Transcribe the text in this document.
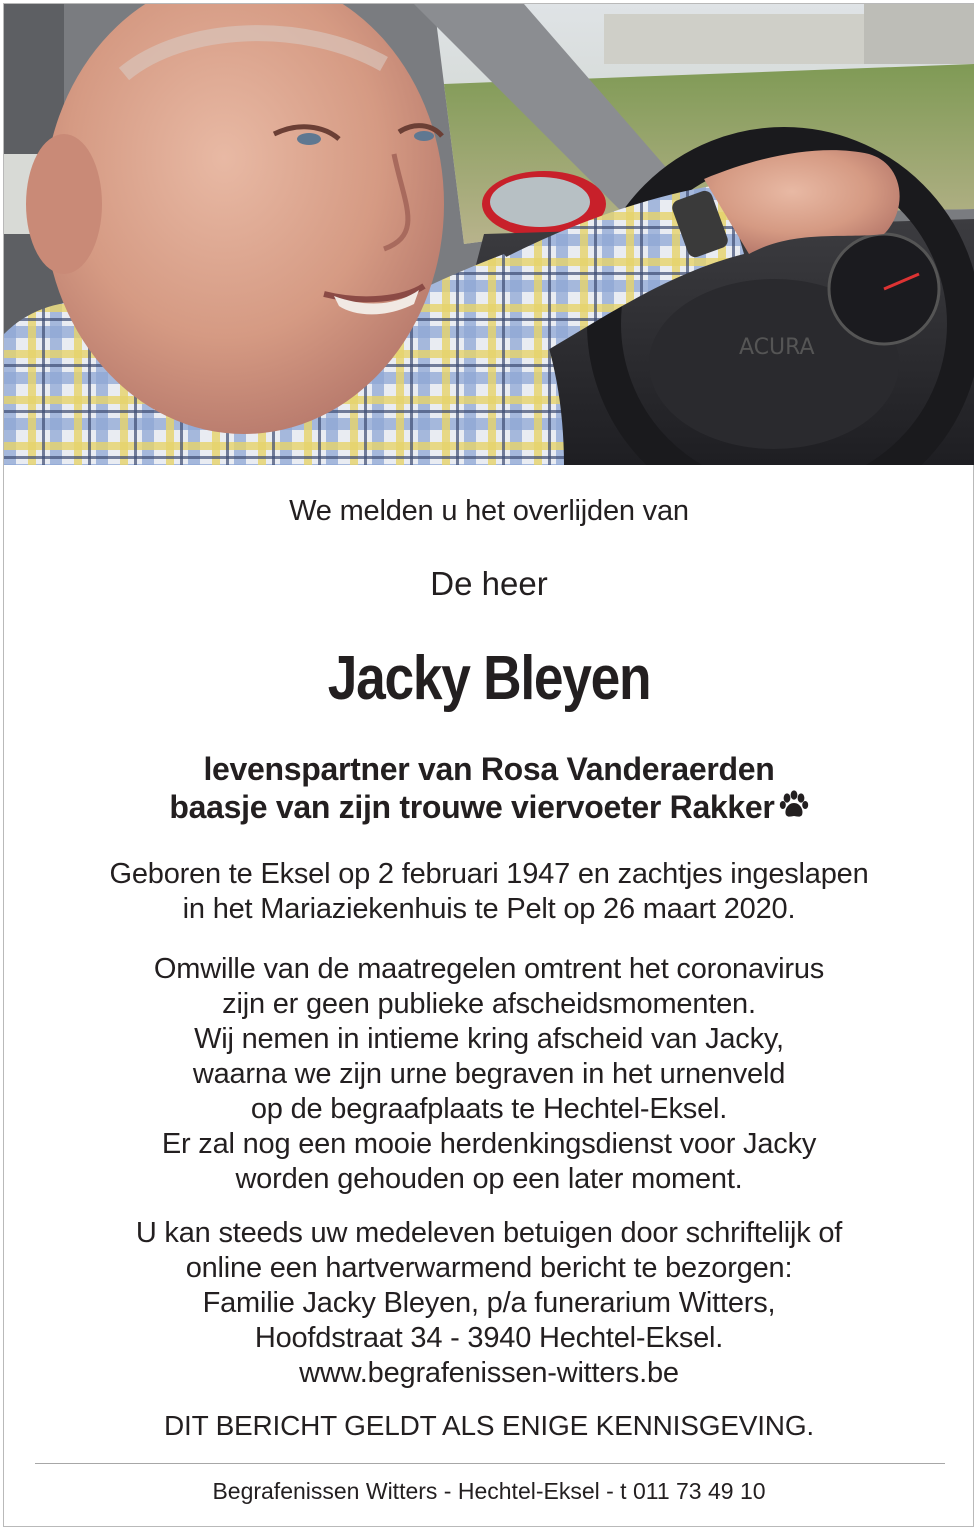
ACURA
We melden u het overlijden van
De heer
Jacky Bleyen
levenspartner van Rosa Vanderaerden
baasje van zijn trouwe viervoeter Rakker
Geboren te Eksel op 2 februari 1947 en zachtjes ingeslapen
in het Mariaziekenhuis te Pelt op 26 maart 2020.
Omwille van de maatregelen omtrent het coronavirus
zijn er geen publieke afscheidsmomenten.
Wij nemen in intieme kring afscheid van Jacky,
waarna we zijn urne begraven in het urnenveld
op de begraafplaats te Hechtel-Eksel.
Er zal nog een mooie herdenkingsdienst voor Jacky
worden gehouden op een later moment.
U kan steeds uw medeleven betuigen door schriftelijk of
online een hartverwarmend bericht te bezorgen:
Familie Jacky Bleyen, p/a funerarium Witters,
Hoofdstraat 34 - 3940 Hechtel-Eksel.
www.begrafenissen-witters.be
DIT BERICHT GELDT ALS ENIGE KENNISGEVING.
Begrafenissen Witters - Hechtel-Eksel - t 011 73 49 10
